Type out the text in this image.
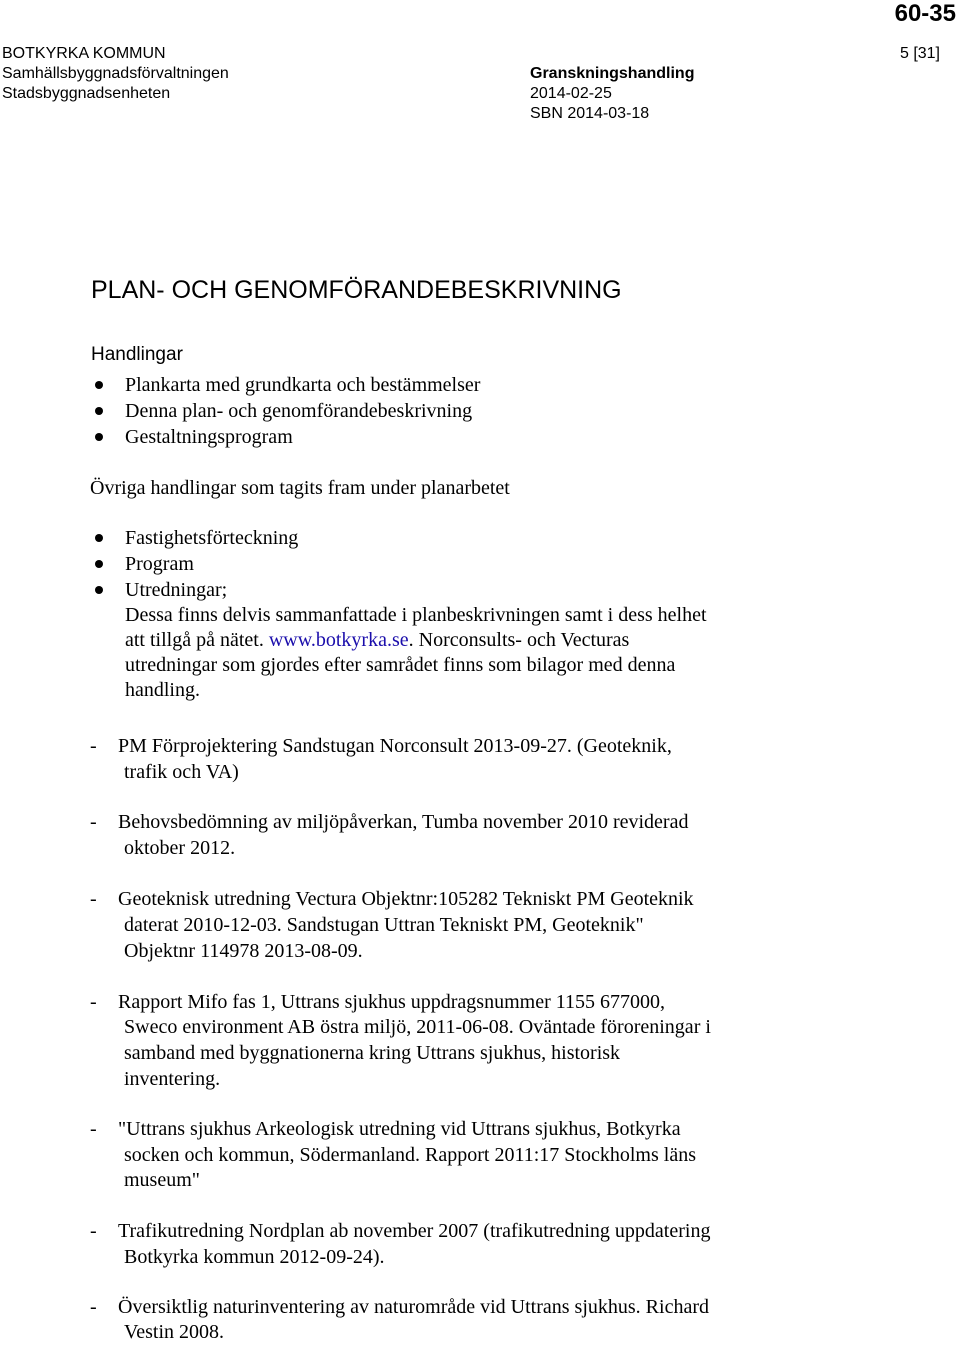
60-35
BOTKYRKA KOMMUN
Samhällsbyggnadsförvaltningen
Stadsbyggnadsenheten
5 [31]
Granskningshandling
2014-02-25
SBN 2014-03-18
PLAN- OCH GENOMFÖRANDEBESKRIVNING
Handlingar
Plankarta med grundkarta och bestämmelser
Denna plan- och genomförandebeskrivning
Gestaltningsprogram
Övriga handlingar som tagits fram under planarbetet
Fastighetsförteckning
Program
Utredningar;
Dessa finns delvis sammanfattade i planbeskrivningen samt i dess helhet
att tillgå på nätet. www.botkyrka.se. Norconsults- och Vecturas
utredningar som gjordes efter samrådet finns som bilagor med denna
handling.
- PM Förprojektering Sandstugan Norconsult 2013-09-27. (Geoteknik,
trafik och VA)
- Behovsbedömning av miljöpåverkan, Tumba november 2010 reviderad
oktober 2012.
- Geoteknisk utredning Vectura Objektnr:105282 Tekniskt PM Geoteknik
daterat 2010-12-03. Sandstugan Uttran Tekniskt PM, Geoteknik"
Objektnr 114978 2013-08-09.
- Rapport Mifo fas 1, Uttrans sjukhus uppdragsnummer 1155 677000,
Sweco environment AB östra miljö, 2011-06-08. Oväntade föroreningar i
samband med byggnationerna kring Uttrans sjukhus, historisk
inventering.
- "Uttrans sjukhus Arkeologisk utredning vid Uttrans sjukhus, Botkyrka
socken och kommun, Södermanland. Rapport 2011:17 Stockholms läns
museum"
- Trafikutredning Nordplan ab november 2007 (trafikutredning uppdatering
Botkyrka kommun 2012-09-24).
- Översiktlig naturinventering av naturområde vid Uttrans sjukhus. Richard
Vestin 2008.
